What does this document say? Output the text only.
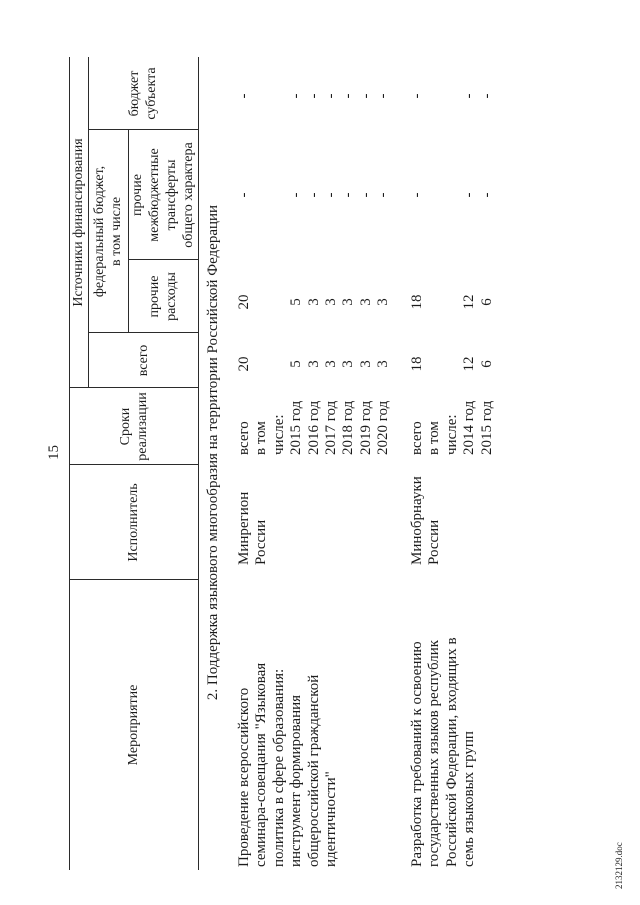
15
Мероприятие
Исполнитель
Сроки реализации
Источники финансирования
всего
федеральный бюджет, в том числе
прочие расходы
прочие межбюджетные трансферты общего характера
бюджет субъекта
2. Поддержка языкового многообразия на территории Российской Федерации
Проведение всероссийского семинара-совещания "Языковая политика в сфере образования: инструмент формирования общероссийской гражданской идентичности"
Минрегион России
всего
20
20
-
-
в том числе: 2015 год
5
5
-
-
2016 год
3
3
-
-
2017 год
3
3
-
-
2018 год
3
3
-
-
2019 год
3
3
-
-
2020 год
3
3
-
-
Разработка требований к освоению государственных языков республик Российской Федерации, входящих в семь языковых групп
Минобрнауки России
всего
18
18
-
-
в том числе: 2014 год
12
12
-
-
2015 год
6
6
-
-
2132129.doc
